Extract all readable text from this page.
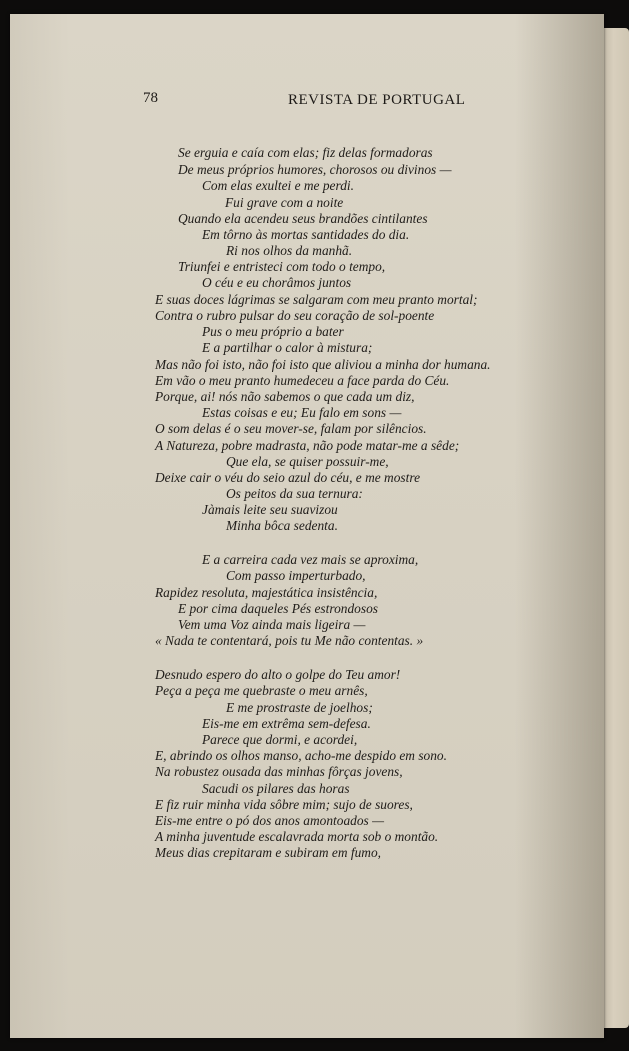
78	REVISTA DE PORTUGAL
Se erguia e caía com elas; fiz delas formadoras
De meus próprios humores, chorosos ou divinos —
Com elas exultei e me perdi.
Fui grave com a noite
Quando ela acendeu seus brandões cintilantes
Em tôrno às mortas santidades do dia.
Ri nos olhos da manhã.
Triunfei e entristeci com todo o tempo,
O céu e eu chorâmos juntos
E suas doces lágrimas se salgaram com meu pranto mortal;
Contra o rubro pulsar do seu coração de sol-poente
Pus o meu próprio a bater
E a partilhar o calor à mistura;
Mas não foi isto, não foi isto que aliviou a minha dor humana.
Em vão o meu pranto humedeceu a face parda do Céu.
Porque, ai! nós não sabemos o que cada um diz,
Estas coisas e eu; Eu falo em sons —
O som delas é o seu mover-se, falam por silêncios.
A Natureza, pobre madrasta, não pode matar-me a sêde;
Que ela, se quiser possuir-me,
Deixe cair o véu do seio azul do céu, e me mostre
Os peitos da sua ternura:
Jàmais leite seu suavizou
Minha bôca sedenta.
E a carreira cada vez mais se aproxima,
Com passo imperturbado,
Rapidez resoluta, majestática insistência,
E por cima daqueles Pés estrondosos
Vem uma Voz ainda mais ligeira —
« Nada te contentará, pois tu Me não contentas. »
Desnudo espero do alto o golpe do Teu amor!
Peça a peça me quebraste o meu arnês,
E me prostraste de joelhos;
Eis-me em extrêma sem-defesa.
Parece que dormi, e acordei,
E, abrindo os olhos manso, acho-me despido em sono.
Na robustez ousada das minhas fôrças jovens,
Sacudi os pilares das horas
E fiz ruir minha vida sôbre mim; sujo de suores,
Eis-me entre o pó dos anos amontoados —
A minha juventude escalavrada morta sob o montão.
Meus dias crepitaram e subiram em fumo,
